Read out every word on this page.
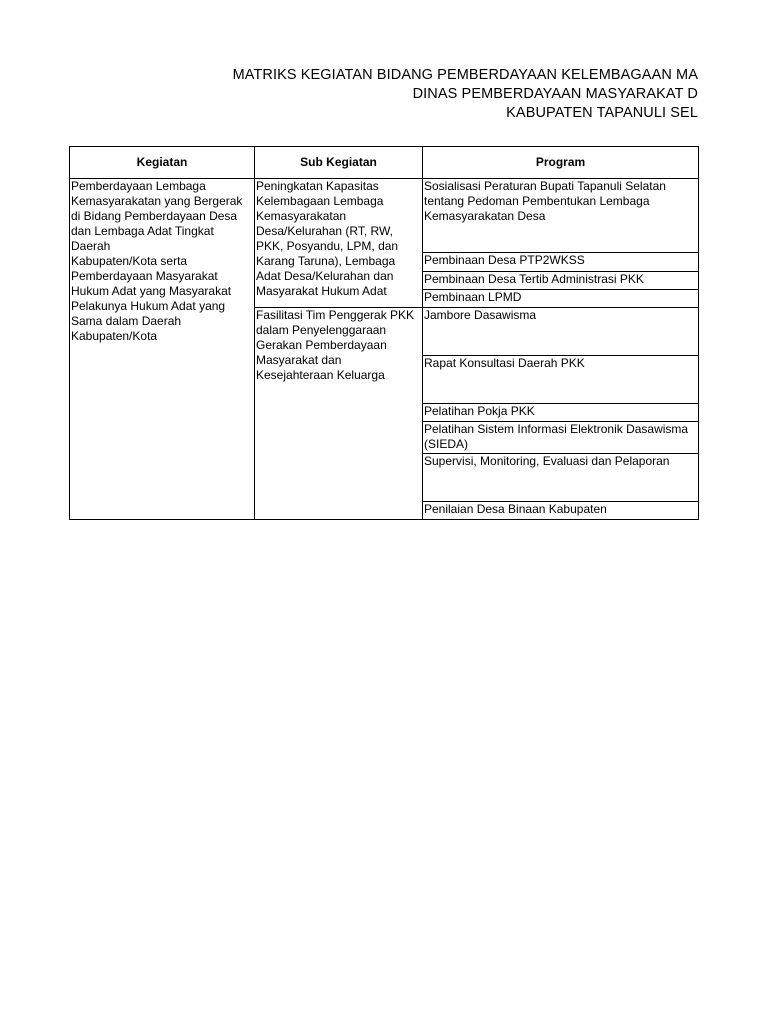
MATRIKS KEGIATAN BIDANG PEMBERDAYAAN KELEMBAGAAN MA
DINAS PEMBERDAYAAN MASYARAKAT D
KABUPATEN TAPANULI SEL
Kegiatan	Sub Kegiatan	Program
Pemberdayaan Lembaga Kemasyarakatan yang Bergerak di Bidang Pemberdayaan Desa dan Lembaga Adat Tingkat Daerah
Kabupaten/Kota serta Pemberdayaan Masyarakat Hukum Adat yang Masyarakat Pelakunya Hukum Adat yang Sama dalam Daerah Kabupaten/Kota	Peningkatan Kapasitas Kelembagaan Lembaga Kemasyarakatan Desa/Kelurahan (RT, RW, PKK, Posyandu, LPM, dan Karang Taruna), Lembaga Adat Desa/Kelurahan dan Masyarakat Hukum Adat	Sosialisasi Peraturan Bupati Tapanuli Selatan tentang Pedoman Pembentukan Lembaga Kemasyarakatan Desa
		Pembinaan Desa PTP2WKSS
		Pembinaan Desa Tertib Administrasi PKK
		Pembinaan LPMD
	Fasilitasi Tim Penggerak PKK dalam Penyelenggaraan Gerakan Pemberdayaan Masyarakat dan Kesejahteraan Keluarga	Jambore Dasawisma
		Rapat Konsultasi Daerah PKK
		Pelatihan Pokja PKK
		Pelatihan Sistem Informasi Elektronik Dasawisma (SIEDA)
		Supervisi, Monitoring, Evaluasi dan Pelaporan
		Penilaian Desa Binaan Kabupaten
